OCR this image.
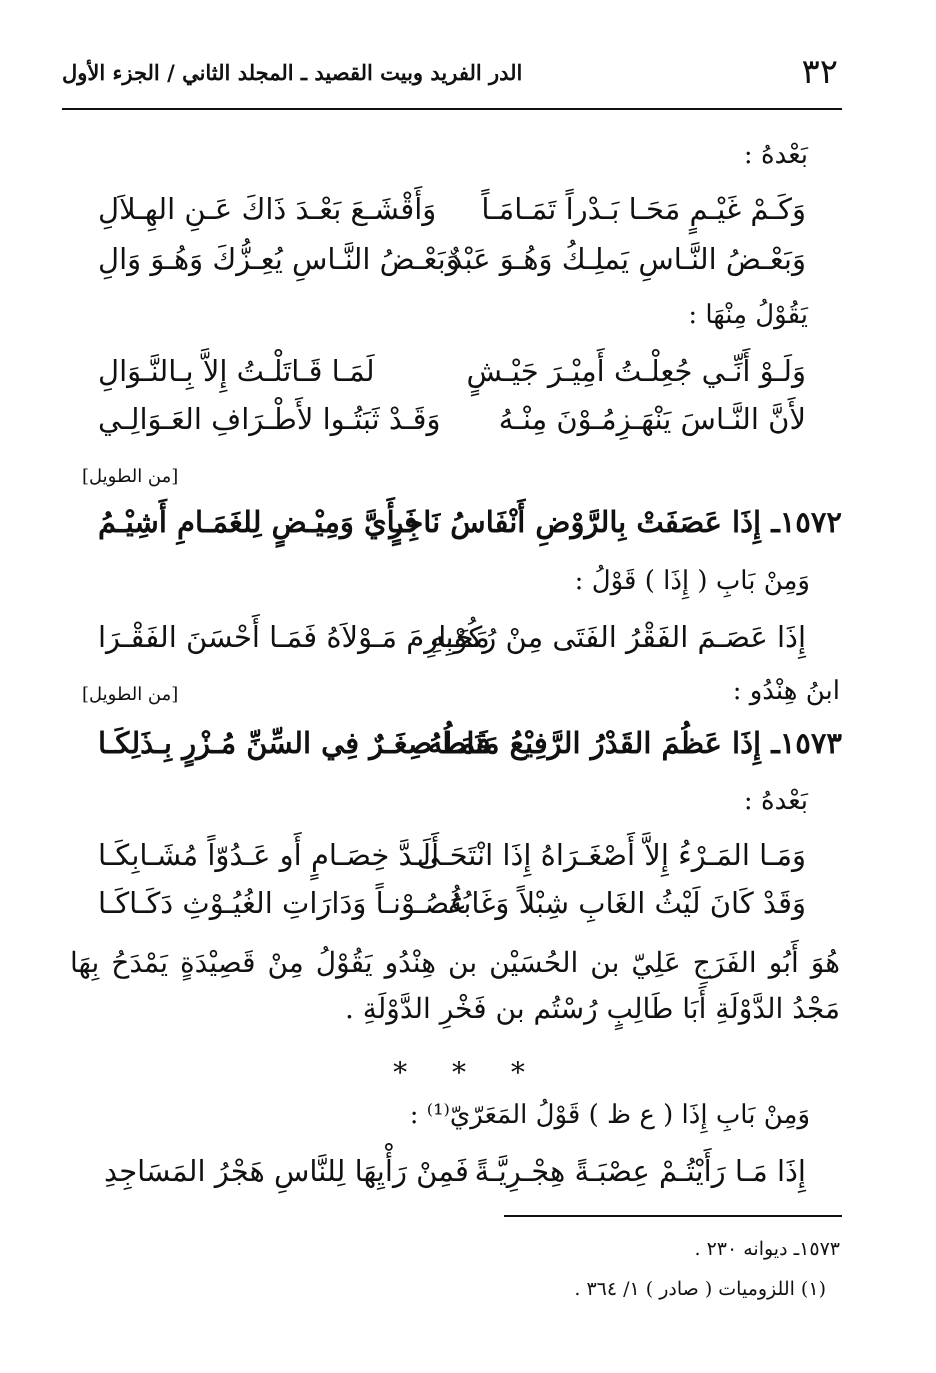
٣٢
الدر الفريد وبيت القصيد ـ المجلد الثاني / الجزء الأول
بَعْدهُ :
وَكَـمْ غَيْـمٍ مَحَـا بَـدْراً تَمَـامَـاً
وَأَقْشَـعَ بَعْـدَ ذَاكَ عَـنِ الهِـلاَلِ
وَبَعْـضُ النَّـاسِ يَملِـكُ وَهُـوَ عَبْدٌ
وَبَعْـضُ النَّـاسِ يُعِـزُّكَ وَهُـوَ وَالِ
يَقُوْلُ مِنْهَا :
وَلَـوْ أَنِّـي جُعِلْـتُ أَمِيْـرَ جَيْـشٍ
لَمَـا قَـاتَلْـتُ إِلاَّ بِـالنَّـوَالِ
لأَنَّ النَّـاسَ يَنْهَـزِمُـوْنَ مِنْـهُ
وَقَـدْ ثَبَتُـوا لأَطْـرَافِ العَـوَالِـي
[من الطويل]
١٥٧٢ـ إِذَا عَصَفَتْ بِالرَّوْضِ أَنْفَاسُ نَاجِرٍ
فَـأَيَّ وَمِيْـضٍ لِلغَمَـامِ أَشِيْـمُ
وَمِنْ بَابِ ( إِذَا ) قَوْلُ :
إِذَا عَصَـمَ الفَقْرُ الفَتَى مِنْ رُكُوْبِهِ
مَحَـارِمَ مَـوْلاَهُ فَمَـا أَحْسَنَ الفَقْـرَا
ابنُ هِنْدُو :
[من الطويل]
١٥٧٣ـ إِذَا عَظُمَ القَدْرُ الرَّفِيْعُ مَنَاطُهُ
فَمَـا صِغَـرٌ فِي السِّنِّ مُـزْرٍ بِـذَلِكَـا
بَعْدهُ :
وَمَـا المَـرْءُ إِلاَّ أَصْغَـرَاهُ إِذَا انْتَحَـى
أَلَـدَّ خِصَـامٍ أَو عَـدُوّاً مُشَـابِكَـا
وَقَدْ كَانَ لَيْثُ الغَابِ شِبْلاً وَغَابُهُ
غُصُـوْنـاً وَدَارَاتِ الغُيُـوْثِ دَكَـاكَـا
هُوَ أَبُو الفَرَجِ عَلِيّ بن الحُسَيْن بن هِنْدُو يَقُوْلُ مِنْ قَصِيْدَةٍ يَمْدَحُ بِهَا مَجْدُ الدَّوْلَةِ أَبَا طَالِبٍ رُسْتُم بن فَخْرِ الدَّوْلَةِ .
* * *
وَمِنْ بَابِ إِذَا ( ع ظ ) قَوْلُ المَعَرّيّ⁽¹⁾ :
إِذَا مَـا رَأَيْتُـمْ عِصْبَـةً هِجْـرِيَّـةً
فَمِنْ رَأْيِهَا لِلنَّاسِ هَجْرُ المَسَاجِدِ
١٥٧٣ـ ديوانه ٢٣٠ .
(١) اللزوميات ( صادر ) ١/ ٣٦٤ .
